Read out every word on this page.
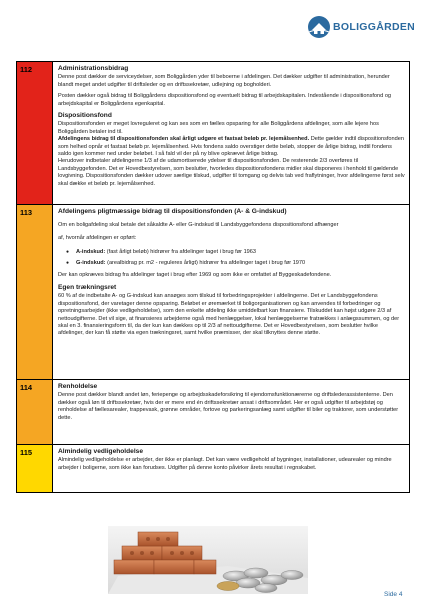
BOLIGGÅRDEN
112	Administrationsbidrag
Denne post dækker de serviceydelser, som Boliggården yder til beboerne i afdelingen. Det dækker udgifter til administration, herunder blandt meget andet udgifter til driftsleder og en driftssekretær, udlejning og bogholderi.
Posten dækker også bidrag til Boliggårdens dispositionsfond og eventuelt bidrag til arbejdskapitalen. Indestående i dispositionsfond og arbejdskapital er Boliggårdens egenkapital.
Dispositionsfond
Dispositionsfonden er meget lovreguleret og kan ses som en fælles opsparing for alle Boliggårdens afdelinger, som alle lejere hos Boliggården betaler ind til.
Afdelingens bidrag til dispositionsfonden skal årligt udgøre et fastsat beløb pr. lejemålsenhed. Dette gælder indtil dispositionsfonden som helhed opnår et fastsat beløb pr. lejemålsenhed. Hvis fondens saldo overstiger dette beløb, stopper de årlige bidrag, indtil fondens saldo igen kommer ned under beløbet. I så fald vil der på ny blive opkrævet årlige bidrag.
Herudover indbetaler afdelingerne 1/3 af de udamortiserede ydelser til dispositionsfonden. De resterende 2/3 overføres til Landsbyggefonden. Det er Hovedbestyrelsen, som beslutter, hvorledes dispositionsfondens midler skal disponeres i henhold til gældende lovgivning. Dispositionsfonden dækker udover særlige tilskud, udgifter til tomgang og delvis tab ved fraflytninger, hvor afdelingerne først selv skal dække et beløb pr. lejemålsenhed.
113	Afdelingens pligtmæssige bidrag til dispositionsfonden (A- & G-indskud)
Om en boligafdeling skal betale det såkaldte A- eller G-indskud til Landsbyggefondens dispositionsfond afhænger
af, hvornår afdelingen er opført:
● A-indskud: (fast årligt beløb) hidrører fra afdelinger taget i brug før 1963
● G-indskud: (arealbidrag pr. m2 - reguleres årligt) hidrører fra afdelinger taget i brug før 1970
Der kan opkræves bidrag fra afdelinger taget i brug efter 1969 og som ikke er omfattet af Byggeskadefondene.
Egen trækningsret
60 % af de indbetalte A- og G-indskud kan ansøges som tilskud til forbedringsprojekter i afdelingerne. Det er Landsbyggefondens dispositionsfond, der varetager denne opsparing. Beløbet er øremærket til boligorganisationen og kan anvendes til forbedringer og opretningsarbejder (ikke vedligeholdelse), som den enkelte afdeling ikke umiddelbart kan finansiere. Tilskuddet kan højst udgøre 2/3 af nettoudgifterne. Det vil sige, at finansieres arbejderne også med henlæggelser, lokal henlæggelserne fratrækkes i anlægssummen, og der skal en 3. finansieringsform til, da der kun kan dækkes op til 2/3 af nettoudgifterne. Det er Hovedbestyrelsen, som beslutter hvilke afdelinger, der kan få støtte via egen trækningsret, samt hvilke præmisser, der skal tilknyttes denne støtte.
114	Renholdelse
Denne post dækker blandt andet løn, feriepenge og arbejdsskadeforsikring til ejendomsfunktionærerne og driftslederassistenterne. Den dækker også løn til driftssekretær, hvis der er mere end én driftssekretær ansat i driftsområdet. Her er også udgifter til arbejdstøj og renholdelse af fællesarealer, trappevask, grønne områder, fortove og parkeringsanlæg samt udgifter til biler og traktorer, som understøtter dette.
115	Almindelig vedligeholdelse
Almindelig vedligeholdelse er arbejder, der ikke er planlagt. Det kan være vedligehold af bygninger, installationer, udearealer og mindre arbejder i boligerne, som ikke kan forudses. Udgifter på denne konto påvirker årets resultat i regnskabet.
Side 4
